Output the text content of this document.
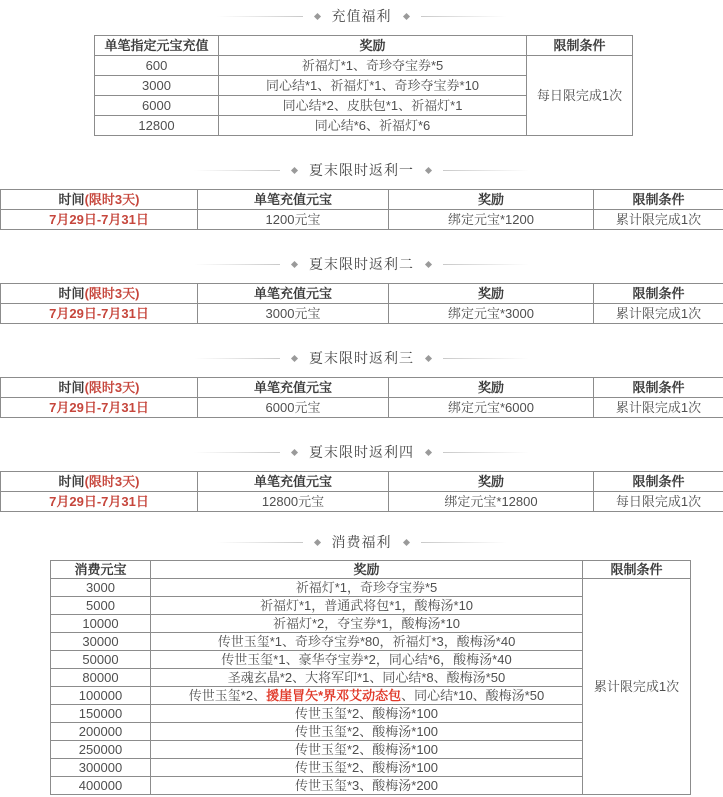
充值福利
单笔指定元宝充值	奖励	限制条件
600	祈福灯*1、奇珍夺宝券*5	每日限完成1次
3000	同心结*1、祈福灯*1、奇珍夺宝券*10	
6000	同心结*2、皮肤包*1、祈福灯*1	
12800	同心结*6、祈福灯*6	
夏末限时返利一
时间(限时3天)	单笔充值元宝	奖励	限制条件
7月29日-7月31日	1200元宝	绑定元宝*1200	累计限完成1次
夏末限时返利二
时间(限时3天)	单笔充值元宝	奖励	限制条件
7月29日-7月31日	3000元宝	绑定元宝*3000	累计限完成1次
夏末限时返利三
时间(限时3天)	单笔充值元宝	奖励	限制条件
7月29日-7月31日	6000元宝	绑定元宝*6000	累计限完成1次
夏末限时返利四
时间(限时3天)	单笔充值元宝	奖励	限制条件
7月29日-7月31日	12800元宝	绑定元宝*12800	每日限完成1次
消费福利
消费元宝	奖励	限制条件
3000	祈福灯*1，奇珍夺宝券*5	累计限完成1次
5000	祈福灯*1，普通武将包*1，酸梅汤*10	
10000	祈福灯*2，夺宝券*1，酸梅汤*10	
30000	传世玉玺*1、奇珍夺宝券*80，祈福灯*3，酸梅汤*40	
50000	传世玉玺*1、豪华夺宝券*2，同心结*6，酸梅汤*40	
80000	圣魂玄晶*2、大将军印*1、同心结*8、酸梅汤*50	
100000	传世玉玺*2、援崖冒矢*界邓艾动态包、同心结*10、酸梅汤*50	
150000	传世玉玺*2、酸梅汤*100	
200000	传世玉玺*2、酸梅汤*100	
250000	传世玉玺*2、酸梅汤*100	
300000	传世玉玺*2、酸梅汤*100	
400000	传世玉玺*3、酸梅汤*200	
